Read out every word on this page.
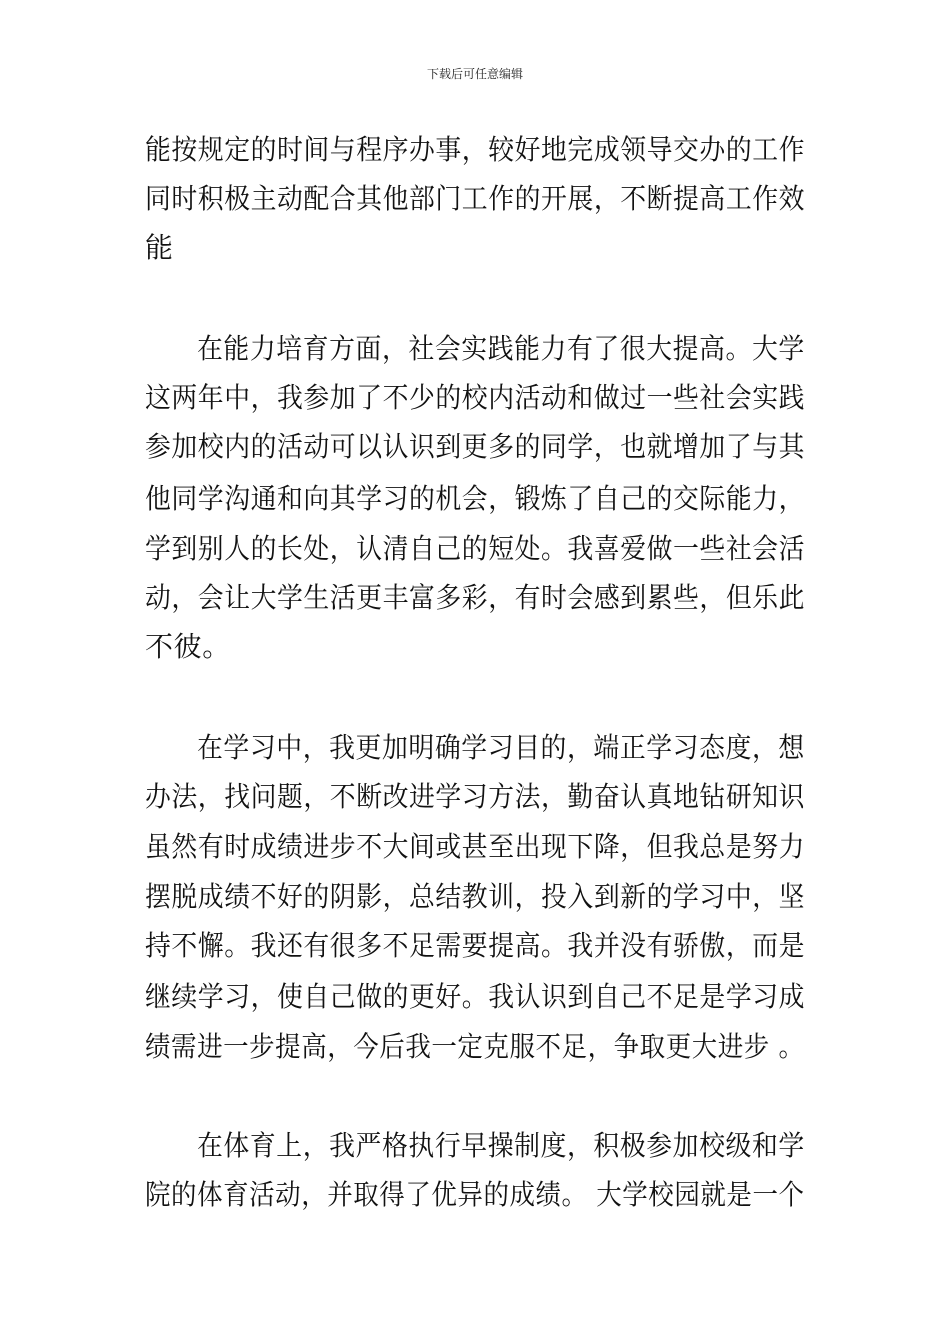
下载后可任意编辑
能按规定的时间与程序办事，较好地完成领导交办的工作
同时积极主动配合其他部门工作的开展，不断提高工作效
能
在能力培育方面，社会实践能力有了很大提高。大学
这两年中，我参加了不少的校内活动和做过一些社会实践
参加校内的活动可以认识到更多的同学，也就增加了与其
他同学沟通和向其学习的机会，锻炼了自己的交际能力，
学到别人的长处，认清自己的短处。我喜爱做一些社会活
动，会让大学生活更丰富多彩，有时会感到累些，但乐此
不彼。
在学习中，我更加明确学习目的，端正学习态度，想
办法，找问题，不断改进学习方法，勤奋认真地钻研知识
虽然有时成绩进步不大间或甚至出现下降，但我总是努力
摆脱成绩不好的阴影，总结教训，投入到新的学习中，坚
持不懈。我还有很多不足需要提高。我并没有骄傲，而是
继续学习，使自己做的更好。我认识到自己不足是学习成
绩需进一步提高，今后我一定克服不足，争取更大进步 。
在体育上，我严格执行早操制度，积极参加校级和学
院的体育活动，并取得了优异的成绩。 大学校园就是一个
